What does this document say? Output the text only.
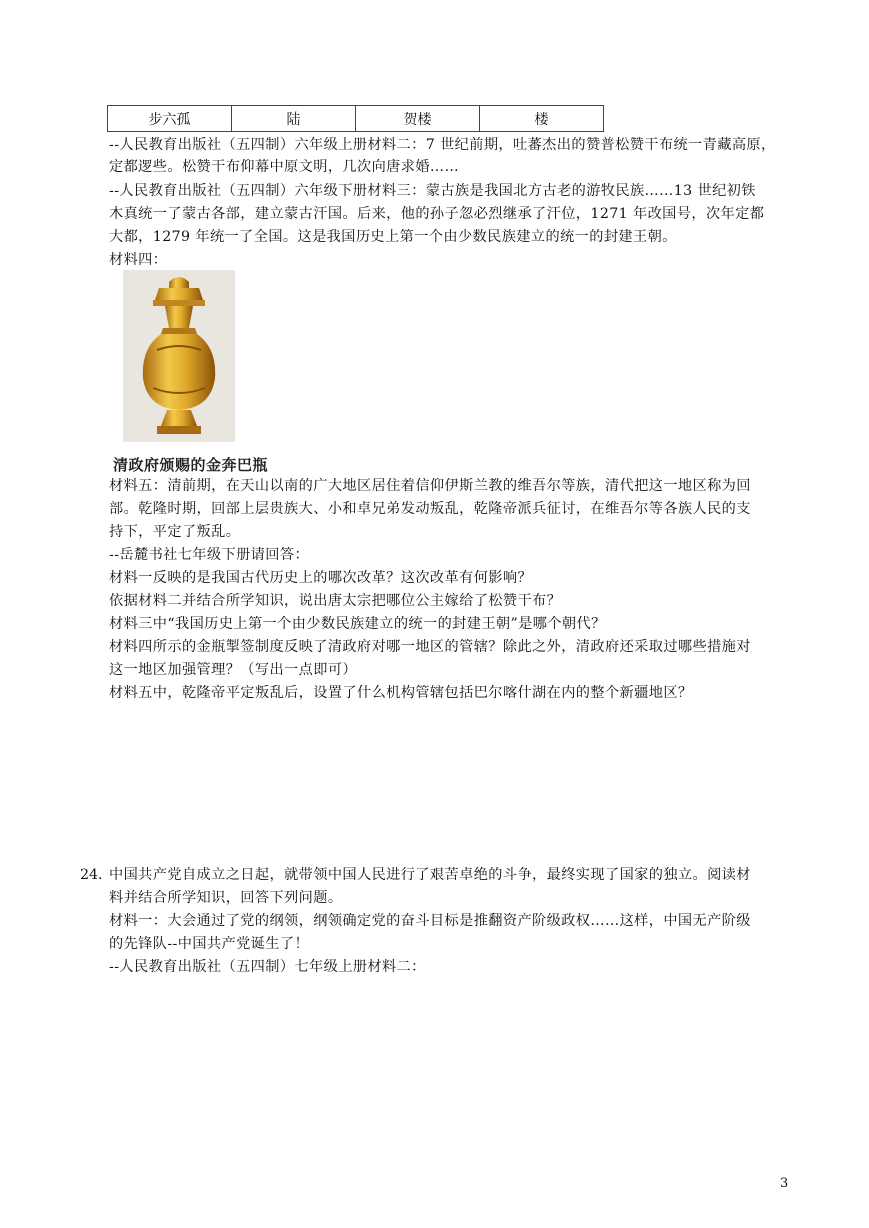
步六孤	陆	贺楼	楼
--人民教育出版社（五四制）六年级上册材料二：7 世纪前期，吐蕃杰出的赞普松赞干布统一青藏高原，
定都逻些。松赞干布仰幕中原文明，几次向唐求婚……
--人民教育出版社（五四制）六年级下册材料三：蒙古族是我国北方古老的游牧民族……13 世纪初铁
木真统一了蒙古各部，建立蒙古汗国。后来，他的孙子忽必烈继承了汗位，1271 年改国号，次年定都
大都，1279 年统一了全国。这是我国历史上第一个由少数民族建立的统一的封建王朝。
材料四：
清政府颁赐的金奔巴瓶
材料五：清前期，在天山以南的广大地区居住着信仰伊斯兰教的维吾尔等族，清代把这一地区称为回
部。乾隆时期，回部上层贵族大、小和卓兄弟发动叛乱，乾隆帝派兵征讨，在维吾尔等各族人民的支
持下，平定了叛乱。
--岳麓书社七年级下册请回答：
材料一反映的是我国古代历史上的哪次改革？这次改革有何影响？
依据材料二并结合所学知识，说出唐太宗把哪位公主嫁给了松赞干布？
材料三中“我国历史上第一个由少数民族建立的统一的封建王朝”是哪个朝代？
材料四所示的金瓶掣签制度反映了清政府对哪一地区的管辖？除此之外，清政府还采取过哪些措施对
这一地区加强管理？（写出一点即可）
材料五中，乾隆帝平定叛乱后，设置了什么机构管辖包括巴尔喀什湖在内的整个新疆地区？
24. 中国共产党自成立之日起，就带领中国人民进行了艰苦卓绝的斗争，最终实现了国家的独立。阅读材
料并结合所学知识，回答下列问题。
材料一：大会通过了党的纲领，纲领确定党的奋斗目标是推翻资产阶级政权……这样，中国无产阶级
的先锋队--中国共产党诞生了！
--人民教育出版社（五四制）七年级上册材料二：
3
